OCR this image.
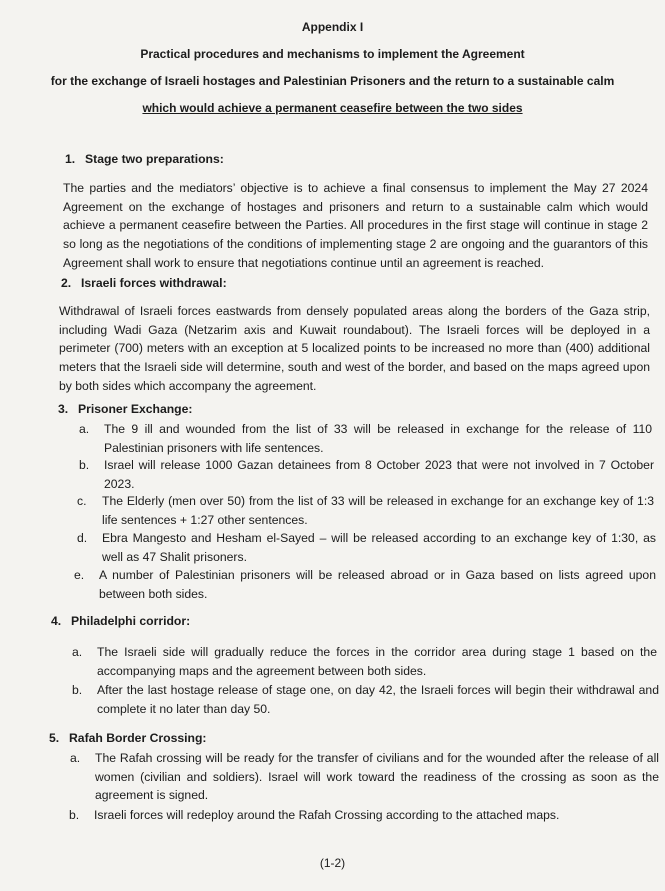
Appendix I
Practical procedures and mechanisms to implement the Agreement
for the exchange of Israeli hostages and Palestinian Prisoners and the return to a sustainable calm
which would achieve a permanent ceasefire between the two sides
1. Stage two preparations:
The parties and the mediators’ objective is to achieve a final consensus to implement the May 27 2024 Agreement on the exchange of hostages and prisoners and return to a sustainable calm which would achieve a permanent ceasefire between the Parties. All procedures in the first stage will continue in stage 2 so long as the negotiations of the conditions of implementing stage 2 are ongoing and the guarantors of this Agreement shall work to ensure that negotiations continue until an agreement is reached.
2. Israeli forces withdrawal:
Withdrawal of Israeli forces eastwards from densely populated areas along the borders of the Gaza strip, including Wadi Gaza (Netzarim axis and Kuwait roundabout). The Israeli forces will be deployed in a perimeter (700) meters with an exception at 5 localized points to be increased no more than (400) additional meters that the Israeli side will determine, south and west of the border, and based on the maps agreed upon by both sides which accompany the agreement.
3. Prisoner Exchange:
a.	The 9 ill and wounded from the list of 33 will be released in exchange for the release of 110 Palestinian prisoners with life sentences.
b.	Israel will release 1000 Gazan detainees from 8 October 2023 that were not involved in 7 October 2023.
c.	The Elderly (men over 50) from the list of 33 will be released in exchange for an exchange key of 1:3 life sentences + 1:27 other sentences.
d.	Ebra Mangesto and Hesham el-Sayed – will be released according to an exchange key of 1:30, as well as 47 Shalit prisoners.
e.	A number of Palestinian prisoners will be released abroad or in Gaza based on lists agreed upon between both sides.
4. Philadelphi corridor:
a.	The Israeli side will gradually reduce the forces in the corridor area during stage 1 based on the accompanying maps and the agreement between both sides.
b.	After the last hostage release of stage one, on day 42, the Israeli forces will begin their withdrawal and complete it no later than day 50.
5. Rafah Border Crossing:
a.	The Rafah crossing will be ready for the transfer of civilians and for the wounded after the release of all women (civilian and soldiers). Israel will work toward the readiness of the crossing as soon as the agreement is signed.
b.	Israeli forces will redeploy around the Rafah Crossing according to the attached maps.
(1-2)
